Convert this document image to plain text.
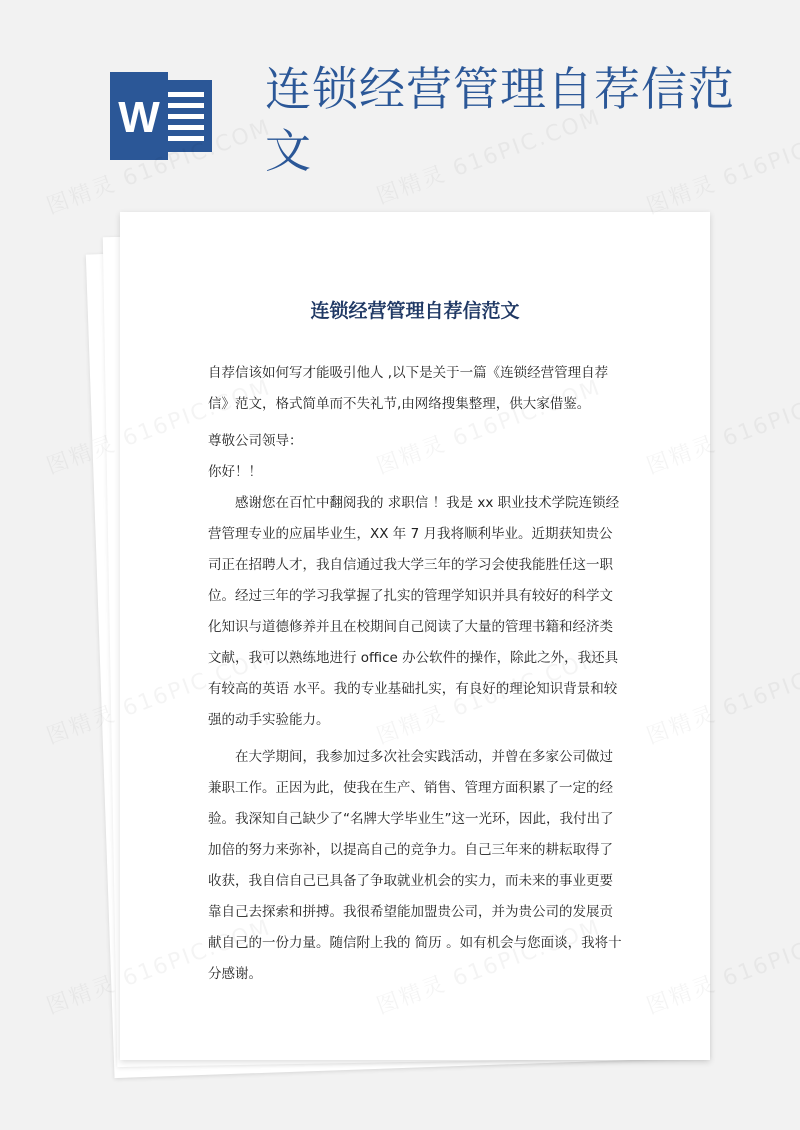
W
连锁经营管理自荐信范文
连锁经营管理自荐信范文

自荐信该如何写才能吸引他人 ,以下是关于一篇《连锁经营管理自荐信》范文，格式简单而不失礼节,由网络搜集整理，供大家借鉴。

尊敬公司领导：

你好！！

感谢您在百忙中翻阅我的 求职信 ！我是 xx 职业技术学院连锁经营管理专业的应届毕业生，XX 年 7 月我将顺利毕业。近期获知贵公司正在招聘人才，我自信通过我大学三年的学习会使我能胜任这一职位。经过三年的学习我掌握了扎实的管理学知识并具有较好的科学文化知识与道德修养并且在校期间自己阅读了大量的管理书籍和经济类文献，我可以熟练地进行 office 办公软件的操作，除此之外，我还具有较高的英语 水平。我的专业基础扎实，有良好的理论知识背景和较强的动手实验能力。

在大学期间，我参加过多次社会实践活动，并曾在多家公司做过兼职工作。正因为此，使我在生产、销售、管理方面积累了一定的经验。我深知自己缺少了“名牌大学毕业生”这一光环，因此，我付出了加倍的努力来弥补，以提高自己的竞争力。自己三年来的耕耘取得了收获，我自信自己已具备了争取就业机会的实力，而未来的事业更要靠自己去探索和拼搏。我很希望能加盟贵公司，并为贵公司的发展贡献自己的一份力量。随信附上我的 简历 。如有机会与您面谈，我将十分感谢。
